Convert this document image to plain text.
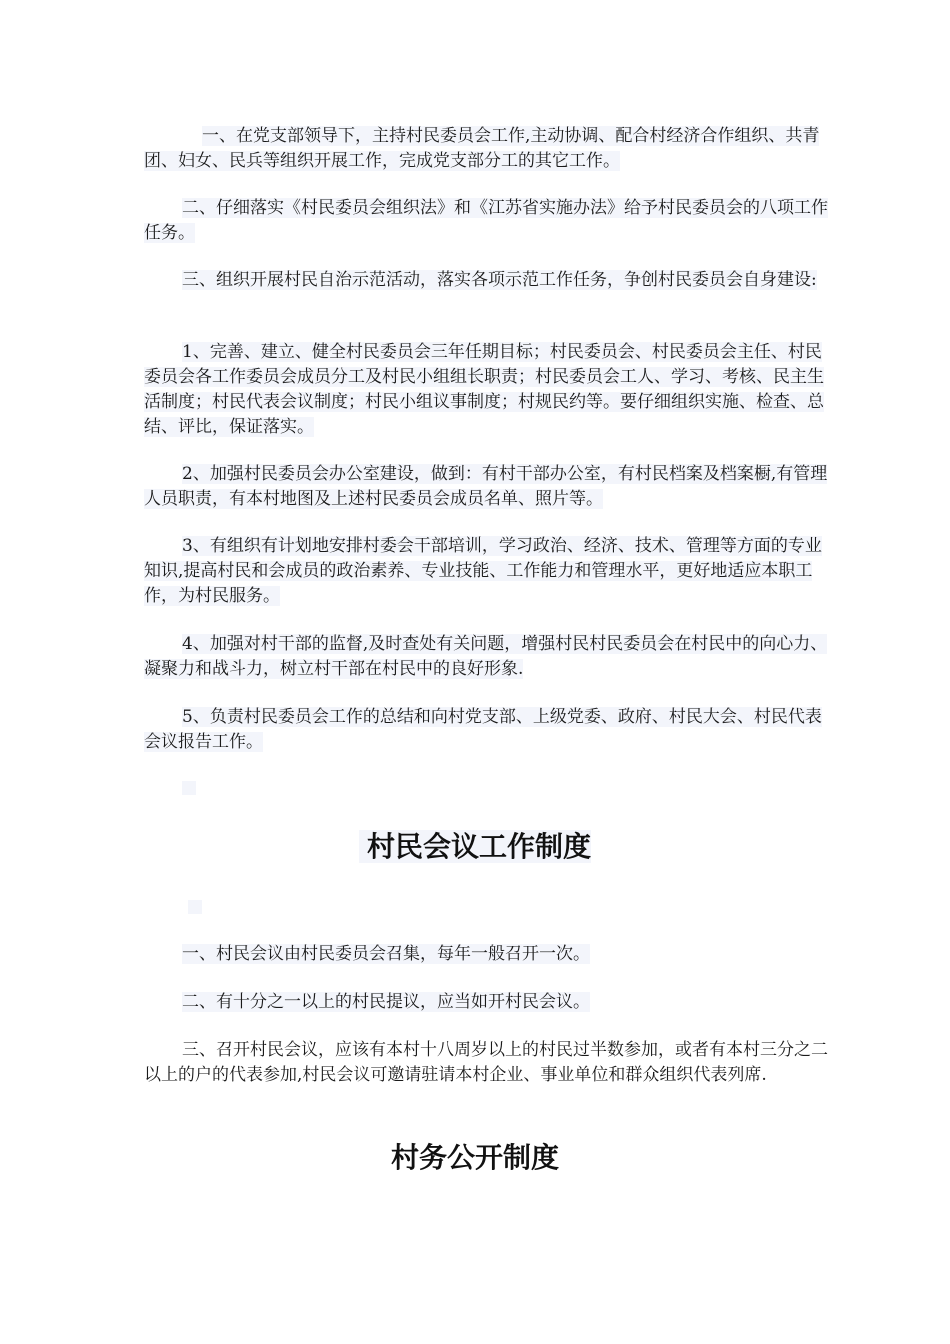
一、在党支部领导下，主持村民委员会工作,主动协调、配合村经济合作组织、共青团、妇女、民兵等组织开展工作，完成党支部分工的其它工作。

二、仔细落实《村民委员会组织法》和《江苏省实施办法》给予村民委员会的八项工作任务。

三、组织开展村民自治示范活动，落实各项示范工作任务，争创村民委员会自身建设:

1、完善、建立、健全村民委员会三年任期目标；村民委员会、村民委员会主任、村民委员会各工作委员会成员分工及村民小组组长职责；村民委员会工人、学习、考核、民主生活制度；村民代表会议制度；村民小组议事制度；村规民约等。要仔细组织实施、检查、总结、评比，保证落实。

2、加强村民委员会办公室建设，做到：有村干部办公室，有村民档案及档案橱,有管理人员职责，有本村地图及上述村民委员会成员名单、照片等。

3、有组织有计划地安排村委会干部培训，学习政治、经济、技术、管理等方面的专业知识,提高村民和会成员的政治素养、专业技能、工作能力和管理水平，更好地适应本职工作，为村民服务。

4、加强对村干部的监督,及时查处有关问题，增强村民村民委员会在村民中的向心力、凝聚力和战斗力，树立村干部在村民中的良好形象.

5、负责村民委员会工作的总结和向村党支部、上级党委、政府、村民大会、村民代表会议报告工作。

村民会议工作制度

一、村民会议由村民委员会召集，每年一般召开一次。

二、有十分之一以上的村民提议，应当如开村民会议。

三、召开村民会议，应该有本村十八周岁以上的村民过半数参加，或者有本村三分之二以上的户的代表参加,村民会议可邀请驻请本村企业、事业单位和群众组织代表列席.

村务公开制度
